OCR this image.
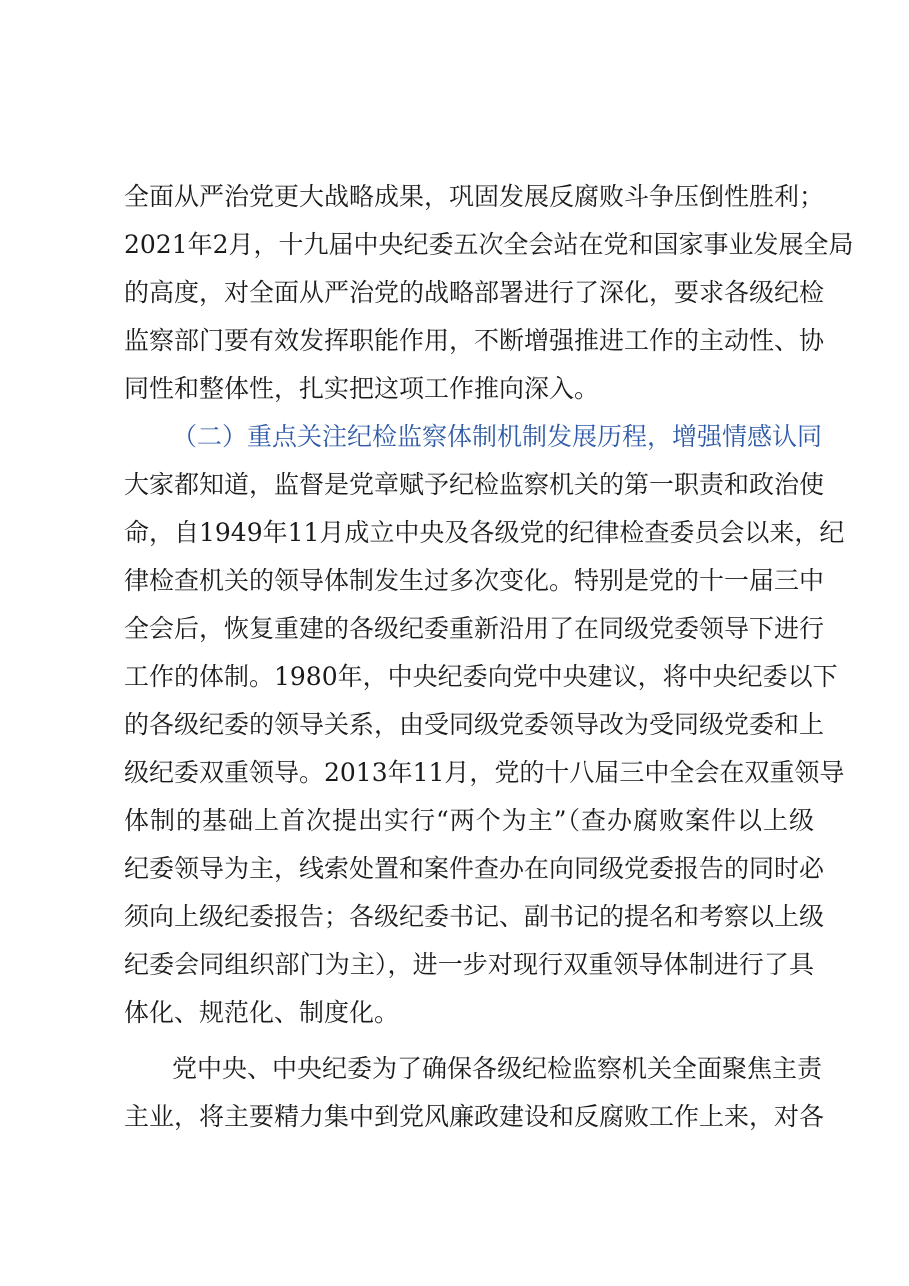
全面从严治党更大战略成果，巩固发展反腐败斗争压倒性胜利；
2021年2月，十九届中央纪委五次全会站在党和国家事业发展全局
的高度，对全面从严治党的战略部署进行了深化，要求各级纪检
监察部门要有效发挥职能作用，不断增强推进工作的主动性、协
同性和整体性，扎实把这项工作推向深入。
（二）重点关注纪检监察体制机制发展历程，增强情感认同
大家都知道，监督是党章赋予纪检监察机关的第一职责和政治使
命，自1949年11月成立中央及各级党的纪律检查委员会以来，纪
律检查机关的领导体制发生过多次变化。特别是党的十一届三中
全会后，恢复重建的各级纪委重新沿用了在同级党委领导下进行
工作的体制。1980年，中央纪委向党中央建议，将中央纪委以下
的各级纪委的领导关系，由受同级党委领导改为受同级党委和上
级纪委双重领导。2013年11月，党的十八届三中全会在双重领导
体制的基础上首次提出实行“两个为主”（查办腐败案件以上级
纪委领导为主，线索处置和案件查办在向同级党委报告的同时必
须向上级纪委报告；各级纪委书记、副书记的提名和考察以上级
纪委会同组织部门为主），进一步对现行双重领导体制进行了具
体化、规范化、制度化。
党中央、中央纪委为了确保各级纪检监察机关全面聚焦主责
主业，将主要精力集中到党风廉政建设和反腐败工作上来，对各
